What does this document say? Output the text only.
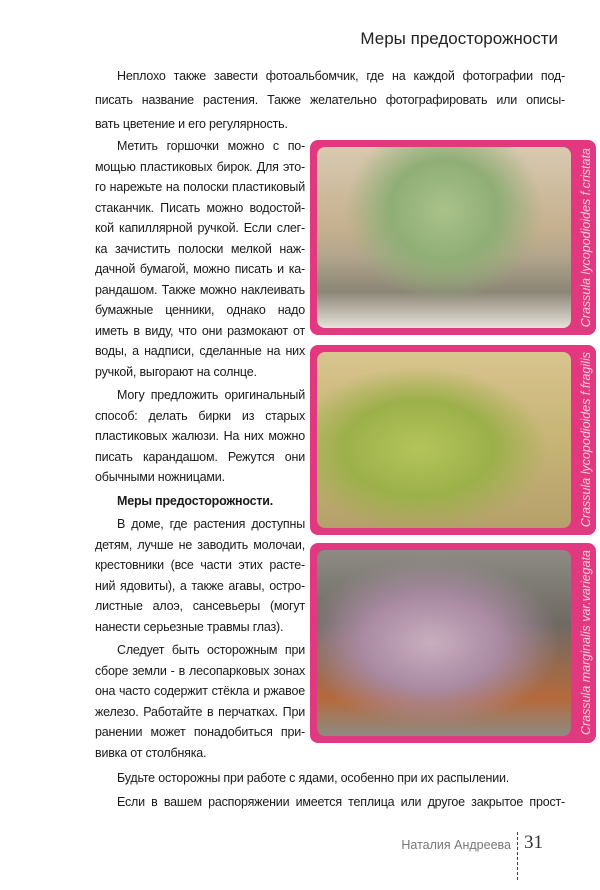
Меры предосторожности
Неплохо также завести фотоальбомчик, где на каждой фотографии под-
писать название растения. Также желательно фотографировать или описы-
вать цветение и его регулярность.
Метить горшочки можно с по-
мощью пластиковых бирок. Для это-
го нарежьте на полоски пластиковый
стаканчик. Писать можно водостой-
кой капиллярной ручкой. Если слег-
ка зачистить полоски мелкой наж-
дачной бумагой, можно писать и ка-
рандашом. Также можно наклеивать
бумажные ценники, однако надо
иметь в виду, что они размокают от
воды, а надписи, сделанные на них
ручкой, выгорают на солнце.
Могу предложить оригинальный
способ: делать бирки из старых
пластиковых жалюзи. На них можно
писать карандашом. Режутся они
обычными ножницами.
Меры предосторожности.
В доме, где растения доступны
детям, лучше не заводить молочаи,
крестовники (все части этих расте-
ний ядовиты), а также агавы, остро-
листные алоэ, сансевьеры (могут
нанести серьезные травмы глаз).
Следует быть осторожным при
сборе земли - в лесопарковых зонах
она часто содержит стёкла и ржавое
железо. Работайте в перчатках. При
ранении может понадобиться при-
вивка от столбняка.
Будьте осторожны при работе с ядами, особенно при их распылении.
Если в вашем распоряжении имеется теплица или другое закрытое прост-
Наталия Андреева 31
Crassula lycopodioides f.cristata
Crassula lycopodioides f.fragilis
Crassula marginalis var.variegata
